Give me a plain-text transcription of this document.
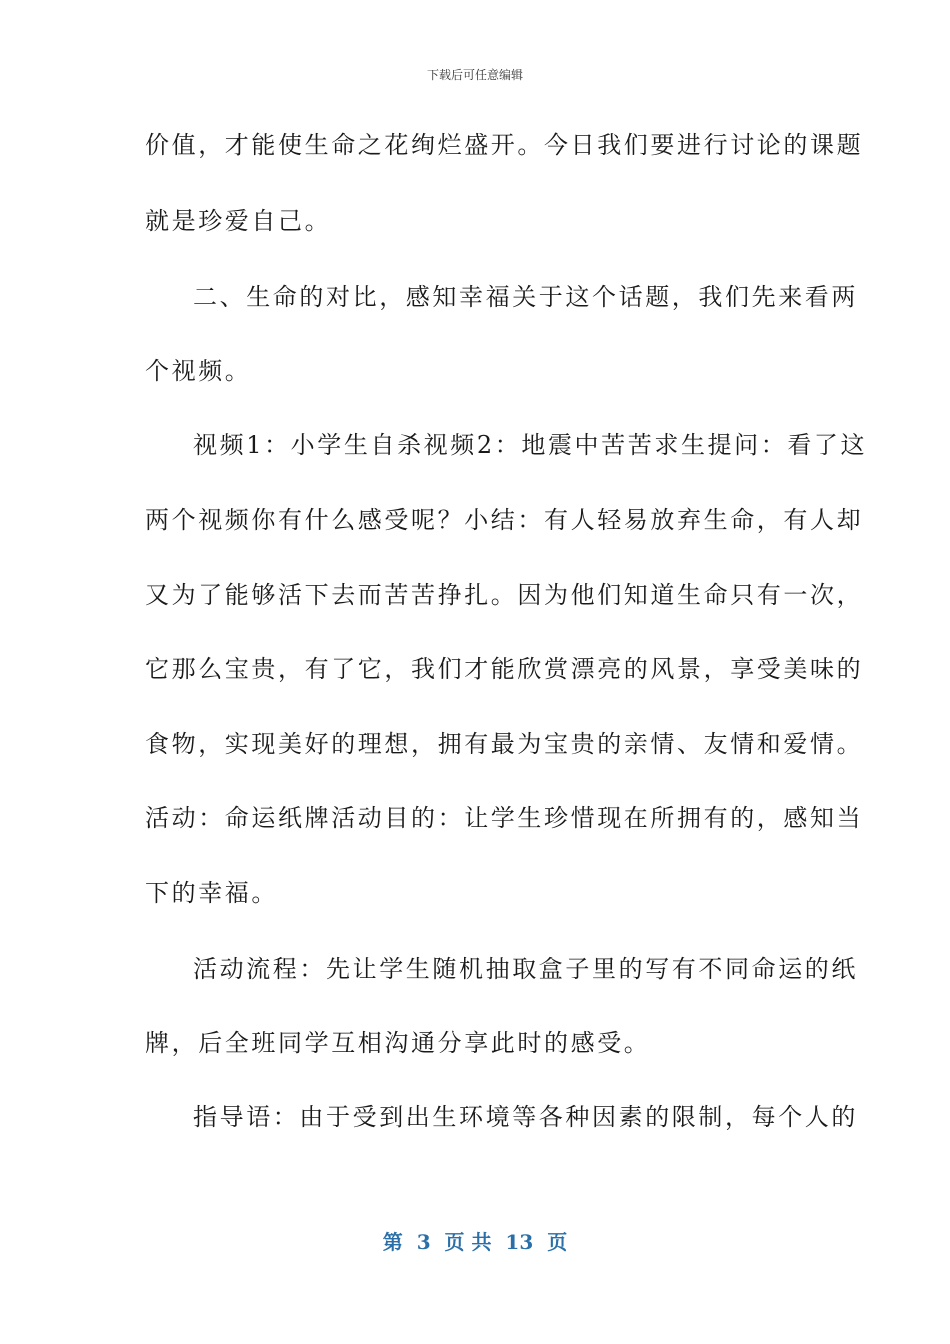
下载后可任意编辑
价值，才能使生命之花绚烂盛开。今日我们要进行讨论的课题
就是珍爱自己。
二、生命的对比，感知幸福关于这个话题，我们先来看两
个视频。
视频1：小学生自杀视频2：地震中苦苦求生提问：看了这
两个视频你有什么感受呢？小结：有人轻易放弃生命，有人却
又为了能够活下去而苦苦挣扎。因为他们知道生命只有一次，
它那么宝贵，有了它，我们才能欣赏漂亮的风景，享受美味的
食物，实现美好的理想，拥有最为宝贵的亲情、友情和爱情。
活动：命运纸牌活动目的：让学生珍惜现在所拥有的，感知当
下的幸福。
活动流程：先让学生随机抽取盒子里的写有不同命运的纸
牌，后全班同学互相沟通分享此时的感受。
指导语：由于受到出生环境等各种因素的限制，每个人的
第  3  页 共  13  页
